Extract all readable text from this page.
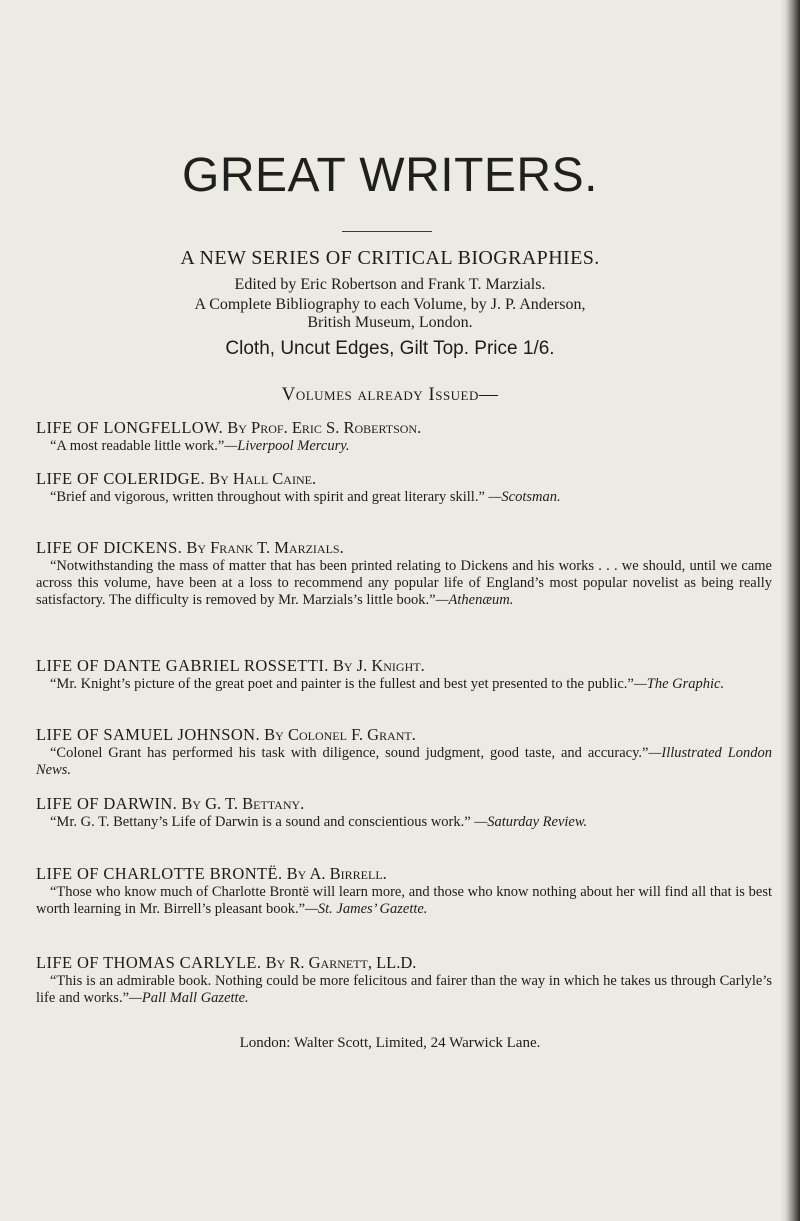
GREAT WRITERS.
A NEW SERIES OF CRITICAL BIOGRAPHIES.
Edited by Eric Robertson and Frank T. Marzials.
A Complete Bibliography to each Volume, by J. P. Anderson,
British Museum, London.
Cloth, Uncut Edges, Gilt Top. Price 1/6.
Volumes already Issued—
LIFE OF LONGFELLOW. By Prof. Eric S. Robertson.
“A most readable little work.”—Liverpool Mercury.
LIFE OF COLERIDGE. By Hall Caine.
“Brief and vigorous, written throughout with spirit and great literary skill.” —Scotsman.
LIFE OF DICKENS. By Frank T. Marzials.
“Notwithstanding the mass of matter that has been printed relating to Dickens and his works . . . we should, until we came across this volume, have been at a loss to recommend any popular life of England’s most popular novelist as being really satisfactory. The difficulty is removed by Mr. Marzials’s little book.”—Athenæum.
LIFE OF DANTE GABRIEL ROSSETTI. By J. Knight.
“Mr. Knight’s picture of the great poet and painter is the fullest and best yet presented to the public.”—The Graphic.
LIFE OF SAMUEL JOHNSON. By Colonel F. Grant.
“Colonel Grant has performed his task with diligence, sound judgment, good taste, and accuracy.”—Illustrated London News.
LIFE OF DARWIN. By G. T. Bettany.
“Mr. G. T. Bettany’s Life of Darwin is a sound and conscientious work.” —Saturday Review.
LIFE OF CHARLOTTE BRONTË. By A. Birrell.
“Those who know much of Charlotte Brontë will learn more, and those who know nothing about her will find all that is best worth learning in Mr. Birrell’s pleasant book.”—St. James’ Gazette.
LIFE OF THOMAS CARLYLE. By R. Garnett, LL.D.
“This is an admirable book. Nothing could be more felicitous and fairer than the way in which he takes us through Carlyle’s life and works.”—Pall Mall Gazette.
London: Walter Scott, Limited, 24 Warwick Lane.
